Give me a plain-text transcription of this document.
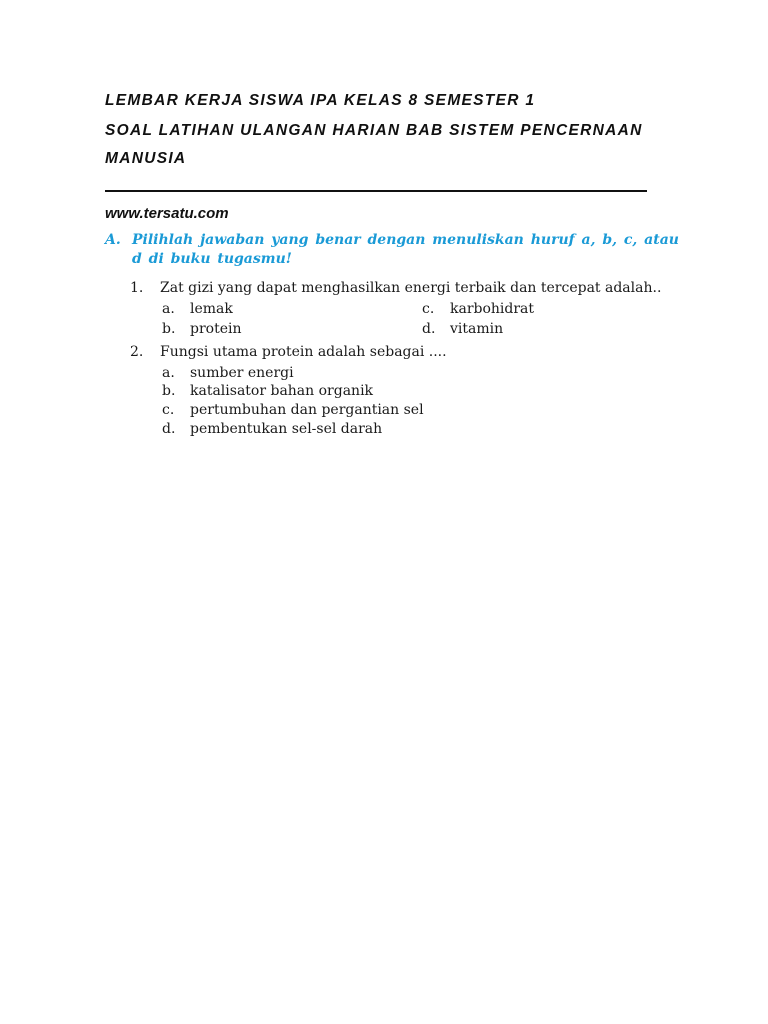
LEMBAR KERJA SISWA IPA KELAS 8 SEMESTER 1
SOAL LATIHAN ULANGAN HARIAN BAB SISTEM PENCERNAAN
MANUSIA
www.tersatu.com
A. Pilihlah jawaban yang benar dengan menuliskan huruf a, b, c, atau d di buku tugasmu!
1. Zat gizi yang dapat menghasilkan energi terbaik dan tercepat adalah..
a. lemak
b. protein
c. karbohidrat
d. vitamin
2. Fungsi utama protein adalah sebagai ....
a. sumber energi
b. katalisator bahan organik
c. pertumbuhan dan pergantian sel
d. pembentukan sel-sel darah
